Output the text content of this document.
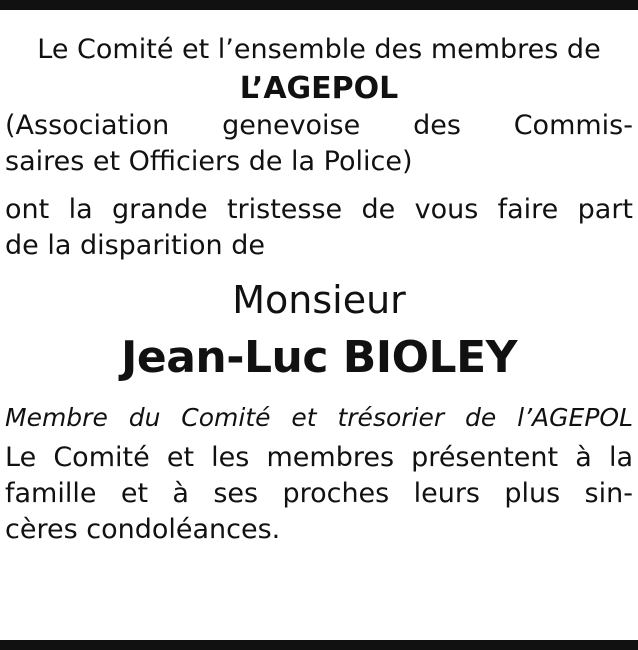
Le Comité et l’ensemble des membres de
L’AGEPOL
(Association genevoise des Commis-
saires et Officiers de la Police)
ont la grande tristesse de vous faire part
de la disparition de
Monsieur
Jean-Luc BIOLEY
Membre du Comité et trésorier de l’AGEPOL
Le Comité et les membres présentent à la
famille et à ses proches leurs plus sin-
cères condoléances.
